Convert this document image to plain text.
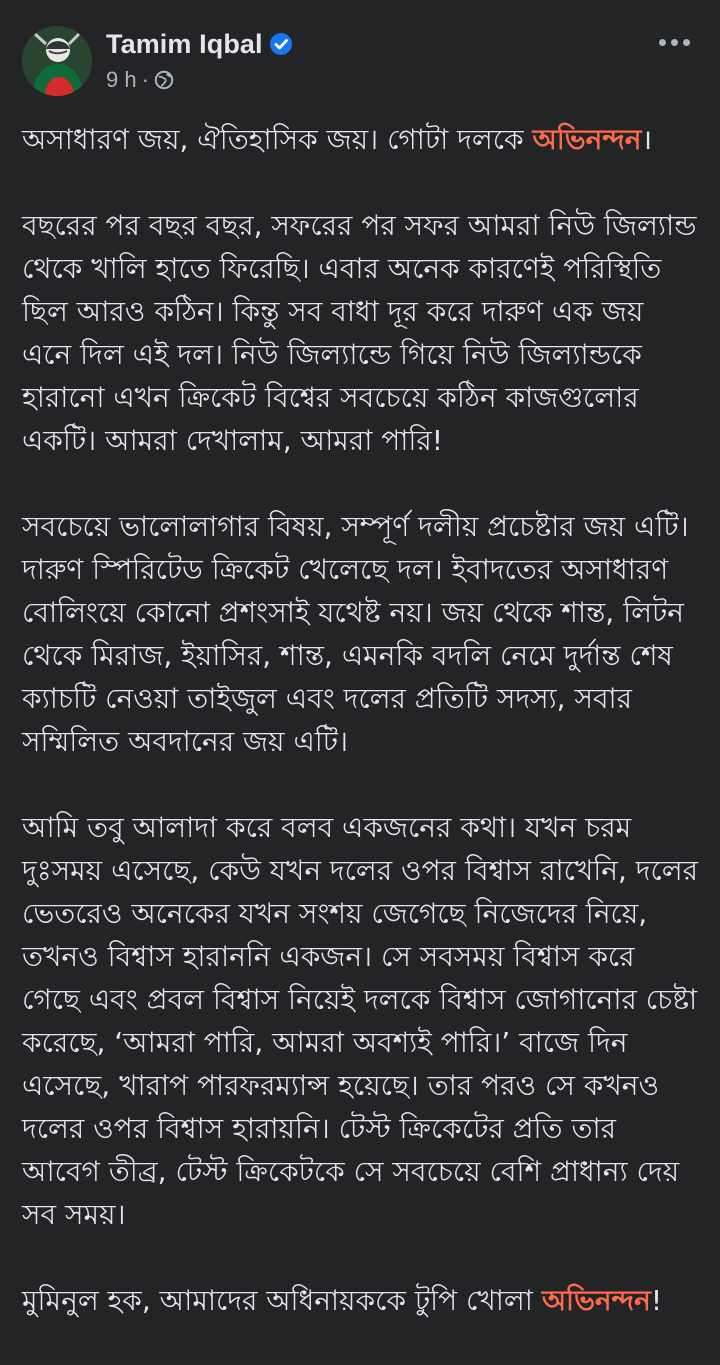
Tamim Iqbal
9 h ·

অসাধারণ জয়, ঐতিহাসিক জয়। গোটা দলকে অভিনন্দন।

বছরের পর বছর বছর, সফরের পর সফর আমরা নিউ জিল্যান্ড থেকে খালি হাতে ফিরেছি। এবার অনেক কারণেই পরিস্থিতি ছিল আরও কঠিন। কিন্তু সব বাধা দূর করে দারুণ এক জয় এনে দিল এই দল। নিউ জিল্যান্ডে গিয়ে নিউ জিল্যান্ডকে হারানো এখন ক্রিকেট বিশ্বের সবচেয়ে কঠিন কাজগুলোর একটি। আমরা দেখালাম, আমরা পারি!

সবচেয়ে ভালোলাগার বিষয়, সম্পূর্ণ দলীয় প্রচেষ্টার জয় এটি। দারুণ স্পিরিটেড ক্রিকেট খেলেছে দল। ইবাদতের অসাধারণ বোলিংয়ে কোনো প্রশংসাই যথেষ্ট নয়। জয় থেকে শান্ত, লিটন থেকে মিরাজ, ইয়াসির, শান্ত, এমনকি বদলি নেমে দুর্দান্ত শেষ ক্যাচটি নেওয়া তাইজুল এবং দলের প্রতিটি সদস্য, সবার সম্মিলিত অবদানের জয় এটি।

আমি তবু আলাদা করে বলব একজনের কথা। যখন চরম দুঃসময় এসেছে, কেউ যখন দলের ওপর বিশ্বাস রাখেনি, দলের ভেতরেও অনেকের যখন সংশয় জেগেছে নিজেদের নিয়ে, তখনও বিশ্বাস হারাননি একজন। সে সবসময় বিশ্বাস করে গেছে এবং প্রবল বিশ্বাস নিয়েই দলকে বিশ্বাস জোগানোর চেষ্টা করেছে, ‘আমরা পারি, আমরা অবশ্যই পারি।’ বাজে দিন এসেছে, খারাপ পারফরম্যান্স হয়েছে। তার পরও সে কখনও দলের ওপর বিশ্বাস হারায়নি। টেস্ট ক্রিকেটের প্রতি তার আবেগ তীব্র, টেস্ট ক্রিকেটকে সে সবচেয়ে বেশি প্রাধান্য দেয় সব সময়।

মুমিনুল হক, আমাদের অধিনায়ককে টুপি খোলা অভিনন্দন!
